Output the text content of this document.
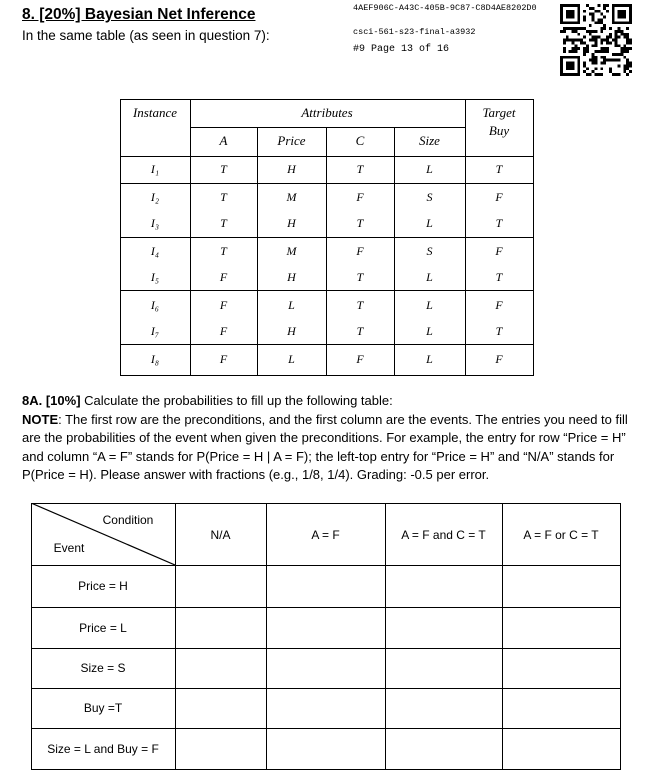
8. [20%] Bayesian Net Inference
In the same table (as seen in question 7):
4AEF906C-A43C-405B-9C87-C8D4AE8202D0
csci-561-s23-final-a3932
#9 Page 13 of 16
Instance	Attributes	Target
Buy
A	Price	C	Size
I₁	T	H	T	L	T
I₂	T	M	F	S	F
I₃	T	H	T	L	T
I₄	T	M	F	S	F
I₅	F	H	T	L	T
I₆	F	L	T	L	F
I₇	F	H	T	L	T
I₈	F	L	F	L	F
8A. [10%] Calculate the probabilities to fill up the following table:
NOTE: The first row are the preconditions, and the first column are the events. The entries you need to fill are the probabilities of the event when given the preconditions. For example, the entry for row “Price = H” and column “A = F” stands for P(Price = H | A = F); the left-top entry for “Price = H” and “N/A” stands for P(Price = H). Please answer with fractions (e.g., 1/8, 1/4). Grading: -0.5 per error.
Condition
Event
N/A	A = F	A = F and C = T	A = F or C = T
Price = H
Price = L
Size = S
Buy =T
Size = L and Buy = F
